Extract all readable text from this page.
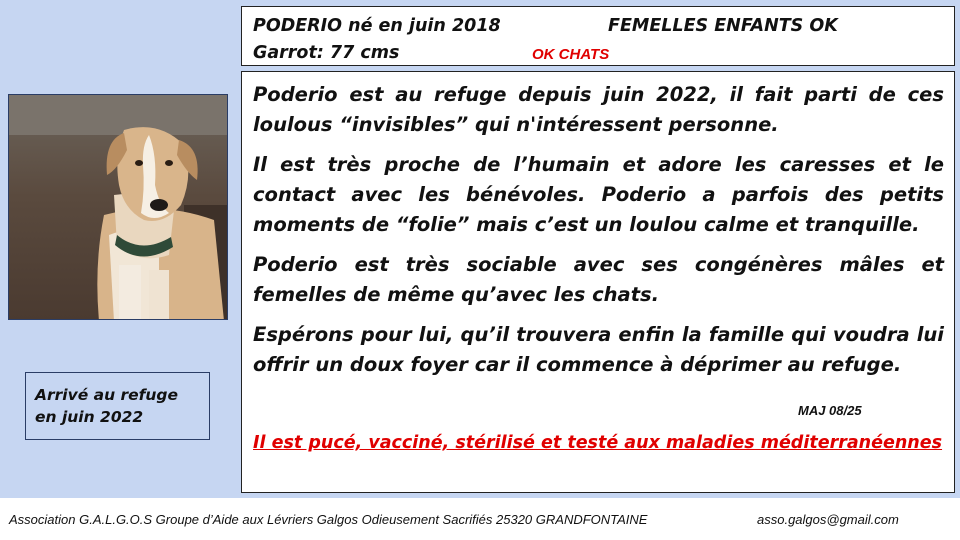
PODERIO né en juin 2018	FEMELLES ENFANTS OK
Garrot: 77 cms	OK CHATS
Arrivé au refuge
en juin 2022

Poderio est au refuge depuis juin 2022, il fait parti de ces loulous “invisibles” qui n'intéressent personne.

Il est très proche de l’humain et adore les caresses et le contact avec les bénévoles. Poderio a parfois des petits moments de “folie” mais c’est un loulou calme et tranquille.

Poderio est très sociable avec ses congénères mâles et femelles de même qu’avec les chats.

Espérons pour lui, qu’il trouvera enfin la famille qui voudra lui offrir un doux foyer car il commence à déprimer au refuge.

MAJ 08/25
Il est pucé, vacciné, stérilisé et testé aux maladies méditerranéennes
Association G.A.L.G.O.S Groupe d’Aide aux Lévriers Galgos Odieusement Sacrifiés 25320 GRANDFONTAINE	asso.galgos@gmail.com
